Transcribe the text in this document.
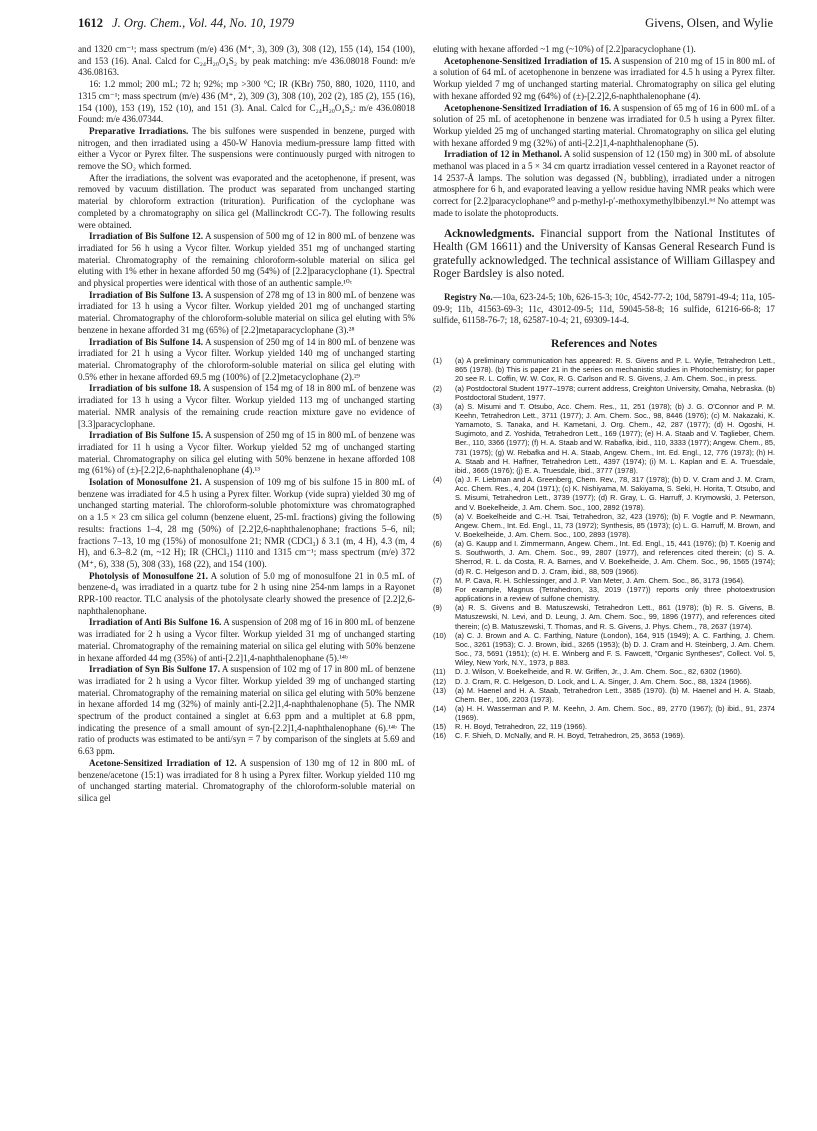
1612 J. Org. Chem., Vol. 44, No. 10, 1979	Givens, Olsen, and Wylie

and 1320 cm⁻¹; mass spectrum (m/e) 436 (M⁺, 3), 309 (3), 308 (12), 155 (14), 154 (100), and 153 (16). Anal. Calcd for C₂₄H₂₀O₄S₂ by peak matching: m/e 436.08018 Found: m/e 436.08163.

16: 1.2 mmol; 200 mL; 72 h; 92%; mp >300 °C; IR (KBr) 750, 880, 1020, 1110, and 1315 cm⁻¹; mass spectrum (m/e) 436 (M⁺, 2), 309 (3), 308 (10), 202 (2), 185 (2), 155 (16), 154 (100), 153 (19), 152 (10), and 151 (3). Anal. Calcd for C₂₄H₂₀O₄S₂: m/e 436.08018 Found: m/e 436.07344.

Preparative Irradiations. The bis sulfones were suspended in benzene, purged with nitrogen, and then irradiated using a 450-W Hanovia medium-pressure lamp fitted with either a Vycor or Pyrex filter. The suspensions were continuously purged with nitrogen to remove the SO₂ which formed.

After the irradiations, the solvent was evaporated and the acetophenone, if present, was removed by vacuum distillation. The product was separated from unchanged starting material by chloroform extraction (trituration). Purification of the cyclophane was completed by a chromatography on silica gel (Mallinckrodt CC-7). The following results were obtained.

Irradiation of Bis Sulfone 12. A suspension of 500 mg of 12 in 800 mL of benzene was irradiated for 56 h using a Vycor filter. Workup yielded 351 mg of unchanged starting material. Chromatography of the remaining chloroform-soluble material on silica gel eluting with 1% ether in hexane afforded 50 mg (54%) of [2.2]paracyclophane (1). Spectral and physical properties were identical with those of an authentic sample.¹⁰ᶜ

Irradiation of Bis Sulfone 13. A suspension of 278 mg of 13 in 800 mL of benzene was irradiated for 13 h using a Vycor filter. Workup yielded 201 mg of unchanged starting material. Chromatography of the chloroform-soluble material on silica gel eluting with 5% benzene in hexane afforded 31 mg (65%) of [2.2]metaparacyclophane (3).²⁸

Irradiation of Bis Sulfone 14. A suspension of 250 mg of 14 in 800 mL of benzene was irradiated for 21 h using a Vycor filter. Workup yielded 140 mg of unchanged starting material. Chromatography of the chloroform-soluble material on silica gel eluting with 0.5% ether in hexane afforded 69.5 mg (100%) of [2.2]metacyclophane (2).²⁹

Irradiation of bis sulfone 18. A suspension of 154 mg of 18 in 800 mL of benzene was irradiated for 13 h using a Vycor filter. Workup yielded 113 mg of unchanged starting material. NMR analysis of the remaining crude reaction mixture gave no evidence of [3.3]paracyclophane.

Irradiation of Bis Sulfone 15. A suspension of 250 mg of 15 in 800 mL of benzene was irradiated for 11 h using a Vycor filter. Workup yielded 52 mg of unchanged starting material. Chromatography on silica gel eluting with 50% benzene in hexane afforded 108 mg (61%) of (±)-[2.2]2,6-naphthalenophane (4).¹³

Isolation of Monosulfone 21. A suspension of 109 mg of bis sulfone 15 in 800 mL of benzene was irradiated for 4.5 h using a Pyrex filter. Workup (vide supra) yielded 30 mg of unchanged starting material. The chloroform-soluble photomixture was chromatographed on a 1.5 × 23 cm silica gel column (benzene eluent, 25-mL fractions) giving the following results: fractions 1–4, 28 mg (50%) of [2.2]2,6-naphthalenophane; fractions 5–6, nil; fractions 7–13, 10 mg (15%) of monosulfone 21; NMR (CDCl₃) δ 3.1 (m, 4 H), 4.3 (m, 4 H), and 6.3–8.2 (m, ~12 H); IR (CHCl₃) 1110 and 1315 cm⁻¹; mass spectrum (m/e) 372 (M⁺, 6), 338 (5), 308 (33), 168 (22), and 154 (100).

Photolysis of Monosulfone 21. A solution of 5.0 mg of monosulfone 21 in 0.5 mL of benzene-d₆ was irradiated in a quartz tube for 2 h using nine 254-nm lamps in a Rayonet RPR-100 reactor. TLC analysis of the photolysate clearly showed the presence of [2.2]2,6-naphthalenophane.

Irradiation of Anti Bis Sulfone 16. A suspension of 208 mg of 16 in 800 mL of benzene was irradiated for 2 h using a Vycor filter. Workup yielded 31 mg of unchanged starting material. Chromatography of the remaining material on silica gel eluting with 50% benzene in hexane afforded 44 mg (35%) of anti-[2.2]1,4-naphthalenophane (5).¹⁴ᵇ

Irradiation of Syn Bis Sulfone 17. A suspension of 102 mg of 17 in 800 mL of benzene was irradiated for 2 h using a Vycor filter. Workup yielded 39 mg of unchanged starting material. Chromatography of the remaining material on silica gel eluting with 50% benzene in hexane afforded 14 mg (32%) of mainly anti-[2.2]1,4-naphthalenophane (5). The NMR spectrum of the product contained a singlet at 6.63 ppm and a multiplet at 6.8 ppm, indicating the presence of a small amount of syn-[2.2]1,4-naphthalenophane (6).¹⁴ᵇ The ratio of products was estimated to be anti/syn = 7 by comparison of the singlets at 5.69 and 6.63 ppm.

Acetone-Sensitized Irradiation of 12. A suspension of 130 mg of 12 in 800 mL of benzene/acetone (15:1) was irradiated for 8 h using a Pyrex filter. Workup yielded 110 mg of unchanged starting material. Chromatography of the chloroform-soluble material on silica gel

eluting with hexane afforded ~1 mg (~10%) of [2.2]paracyclophane (1).

Acetophenone-Sensitized Irradiation of 15. A suspension of 210 mg of 15 in 800 mL of a solution of 64 mL of acetophenone in benzene was irradiated for 4.5 h using a Pyrex filter. Workup yielded 7 mg of unchanged starting material. Chromatography on silica gel eluting with hexane afforded 92 mg (64%) of (±)-[2.2]2,6-naphthalenophane (4).

Acetophenone-Sensitized Irradiation of 16. A suspension of 65 mg of 16 in 600 mL of a solution of 25 mL of acetophenone in benzene was irradiated for 0.5 h using a Pyrex filter. Workup yielded 25 mg of unchanged starting material. Chromatography on silica gel eluting with hexane afforded 9 mg (32%) of anti-[2.2]1,4-naphthalenophane (5).

Irradiation of 12 in Methanol. A solid suspension of 12 (150 mg) in 300 mL of absolute methanol was placed in a 5 × 34 cm quartz irradiation vessel centered in a Rayonet reactor of 14 2537-Å lamps. The solution was degassed (N₂ bubbling), irradiated under a nitrogen atmosphere for 6 h, and evaporated leaving a yellow residue having NMR peaks which were correct for [2.2]paracyclophane¹⁰ and p-methyl-p′-methoxymethylbibenzyl.⁶ᵈ No attempt was made to isolate the photoproducts.

Acknowledgments. Financial support from the National Institutes of Health (GM 16611) and the University of Kansas General Research Fund is gratefully acknowledged. The technical assistance of William Gillaspey and Roger Bardsley is also noted.

Registry No.—10a, 623-24-5; 10b, 626-15-3; 10c, 4542-77-2; 10d, 58791-49-4; 11a, 105-09-9; 11b, 41563-69-3; 11c, 43012-09-5; 11d, 59045-58-8; 16 sulfide, 61216-66-8; 17 sulfide, 61158-76-7; 18, 62587-10-4; 21, 69309-14-4.

References and Notes
(1)	(a) A preliminary communication has appeared: R. S. Givens and P. L. Wylie, Tetrahedron Lett., 865 (1978). (b) This is paper 21 in the series on mechanistic studies in Photochemistry; for paper 20 see R. L. Coffin, W. W. Cox, R. G. Carlson and R. S. Givens, J. Am. Chem. Soc., in press.
(2)	(a) Postdoctoral Student 1977–1978; current address, Creighton University, Omaha, Nebraska. (b) Postdoctoral Student, 1977.
(3)	(a) S. Misumi and T. Otsubo, Acc. Chem. Res., 11, 251 (1978); (b) J. G. O'Connor and P. M. Keehn, Tetrahedron Lett., 3711 (1977); J. Am. Chem. Soc., 98, 8446 (1976); (c) M. Nakazaki, K. Yamamoto, S. Tanaka, and H. Kametani, J. Org. Chem., 42, 287 (1977); (d) H. Ogoshi, H. Sugimoto, and Z. Yoshida, Tetrahedron Lett., 169 (1977); (e) H. A. Staab and V. Taglieber, Chem. Ber., 110, 3366 (1977); (f) H. A. Staab and W. Rabafka, ibid., 110, 3333 (1977); Angew. Chem., 85, 731 (1975); (g) W. Rebafka and H. A. Staab, Angew. Chem., Int. Ed. Engl., 12, 776 (1973); (h) H. A. Staab and H. Haffner, Tetrahedron Lett., 4397 (1974); (i) M. L. Kaplan and E. A. Truesdale, ibid., 3665 (1976); (j) E. A. Truesdale, ibid., 3777 (1978).
(4)	(a) J. F. Liebman and A. Greenberg, Chem. Rev., 78, 317 (1978); (b) D. V. Cram and J. M. Cram, Acc. Chem. Res., 4, 204 (1971); (c) K. Nishiyama, M. Sakiyama, S. Seki, H. Horita, T. Otsubo, and S. Misumi, Tetrahedron Lett., 3739 (1977); (d) R. Gray, L. G. Harruff, J. Krymowski, J. Peterson, and V. Boekelheide, J. Am. Chem. Soc., 100, 2892 (1978).
(5)	(a) V. Boekelheide and C.-H. Tsai, Tetrahedron, 32, 423 (1976); (b) F. Vogtle and P. Newmann, Angew. Chem., Int. Ed. Engl., 11, 73 (1972); Synthesis, 85 (1973); (c) L. G. Harruff, M. Brown, and V. Boekelheide, J. Am. Chem. Soc., 100, 2893 (1978).
(6)	(a) G. Kaupp and I. Zimmermann, Angew. Chem., Int. Ed. Engl., 15, 441 (1976); (b) T. Koenig and S. Southworth, J. Am. Chem. Soc., 99, 2807 (1977), and references cited therein; (c) S. A. Sherrod, R. L. da Costa, R. A. Barnes, and V. Boekelheide, J. Am. Chem. Soc., 96, 1565 (1974); (d) R. C. Helgeson and D. J. Cram, ibid., 88, 509 (1966).
(7)	M. P. Cava, R. H. Schlessinger, and J. P. Van Meter, J. Am. Chem. Soc., 86, 3173 (1964).
(8)	For example, Magnus (Tetrahedron, 33, 2019 (1977)) reports only three photoextrusion applications in a review of sulfone chemistry.
(9)	(a) R. S. Givens and B. Matuszewski, Tetrahedron Lett., 861 (1978); (b) R. S. Givens, B. Matuszewski, N. Levi, and D. Leung, J. Am. Chem. Soc., 99, 1896 (1977), and references cited therein; (c) B. Matuszewski, T. Thomas, and R. S. Givens, J. Phys. Chem., 78, 2637 (1974).
(10)	(a) C. J. Brown and A. C. Farthing, Nature (London), 164, 915 (1949); A. C. Farthing, J. Chem. Soc., 3261 (1953); C. J. Brown, ibid., 3265 (1953); (b) D. J. Cram and H. Steinberg, J. Am. Chem. Soc., 73, 5691 (1951); (c) H. E. Winberg and F. S. Fawcett, "Organic Syntheses", Collect. Vol. 5, Wiley, New York, N.Y., 1973, p 883.
(11)	D. J. Wilson, V. Boekelheide, and R. W. Griffen, Jr., J. Am. Chem. Soc., 82, 6302 (1960).
(12)	D. J. Cram, R. C. Helgeson, D. Lock, and L. A. Singer, J. Am. Chem. Soc., 88, 1324 (1966).
(13)	(a) M. Haenel and H. A. Staab, Tetrahedron Lett., 3585 (1970). (b) M. Haenel and H. A. Staab, Chem. Ber., 106, 2203 (1973).
(14)	(a) H. H. Wasserman and P. M. Keehn, J. Am. Chem. Soc., 89, 2770 (1967); (b) ibid., 91, 2374 (1969).
(15)	R. H. Boyd, Tetrahedron, 22, 119 (1966).
(16)	C. F. Shieh, D. McNally, and R. H. Boyd, Tetrahedron, 25, 3653 (1969).
